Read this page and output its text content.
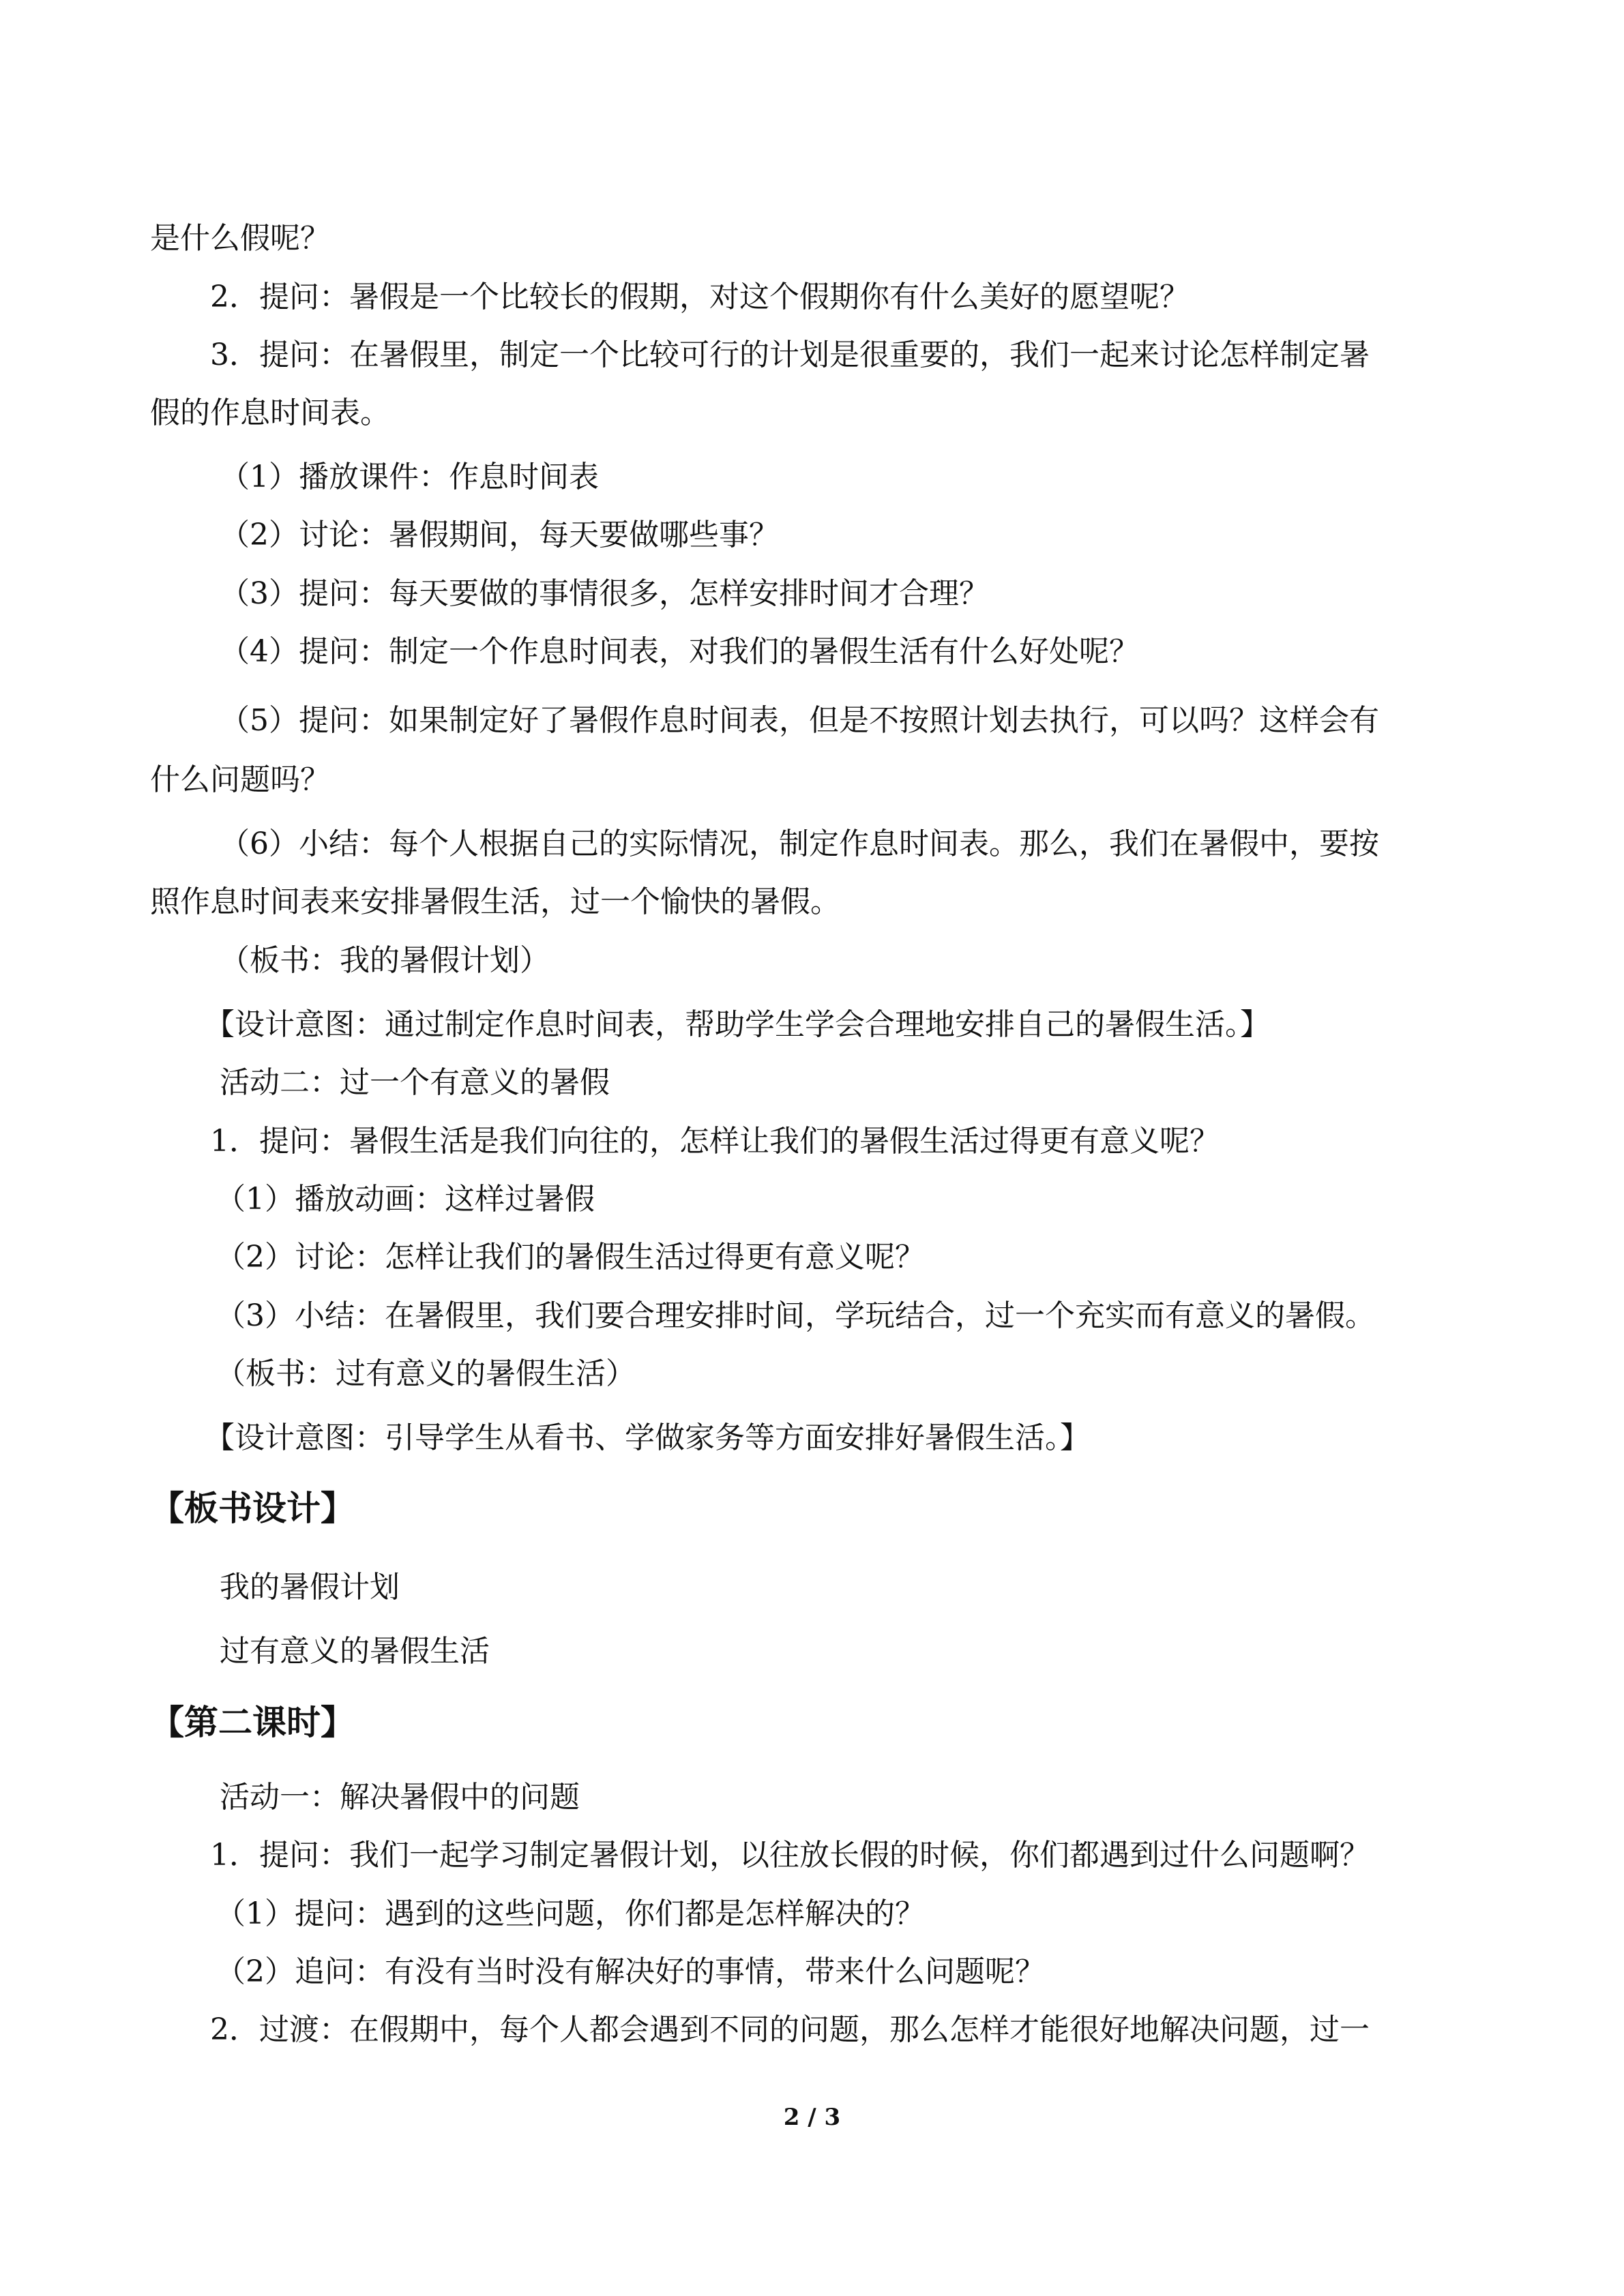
是什么假呢？
2．提问：暑假是一个比较长的假期，对这个假期你有什么美好的愿望呢？
3．提问：在暑假里，制定一个比较可行的计划是很重要的，我们一起来讨论怎样制定暑
假的作息时间表。
（1）播放课件：作息时间表
（2）讨论：暑假期间，每天要做哪些事？
（3）提问：每天要做的事情很多，怎样安排时间才合理？
（4）提问：制定一个作息时间表，对我们的暑假生活有什么好处呢？
（5）提问：如果制定好了暑假作息时间表，但是不按照计划去执行，可以吗？这样会有
什么问题吗？
（6）小结：每个人根据自己的实际情况，制定作息时间表。那么，我们在暑假中，要按
照作息时间表来安排暑假生活，过一个愉快的暑假。
（板书：我的暑假计划）
【设计意图：通过制定作息时间表，帮助学生学会合理地安排自己的暑假生活。】
活动二：过一个有意义的暑假
1．提问：暑假生活是我们向往的，怎样让我们的暑假生活过得更有意义呢？
（1）播放动画：这样过暑假
（2）讨论：怎样让我们的暑假生活过得更有意义呢？
（3）小结：在暑假里，我们要合理安排时间，学玩结合，过一个充实而有意义的暑假。
（板书：过有意义的暑假生活）
【设计意图：引导学生从看书、学做家务等方面安排好暑假生活。】
【板书设计】
我的暑假计划
过有意义的暑假生活
【第二课时】
活动一：解决暑假中的问题
1．提问：我们一起学习制定暑假计划，以往放长假的时候，你们都遇到过什么问题啊？
（1）提问：遇到的这些问题，你们都是怎样解决的？
（2）追问：有没有当时没有解决好的事情，带来什么问题呢？
2．过渡：在假期中，每个人都会遇到不同的问题，那么怎样才能很好地解决问题，过一
2 / 3
